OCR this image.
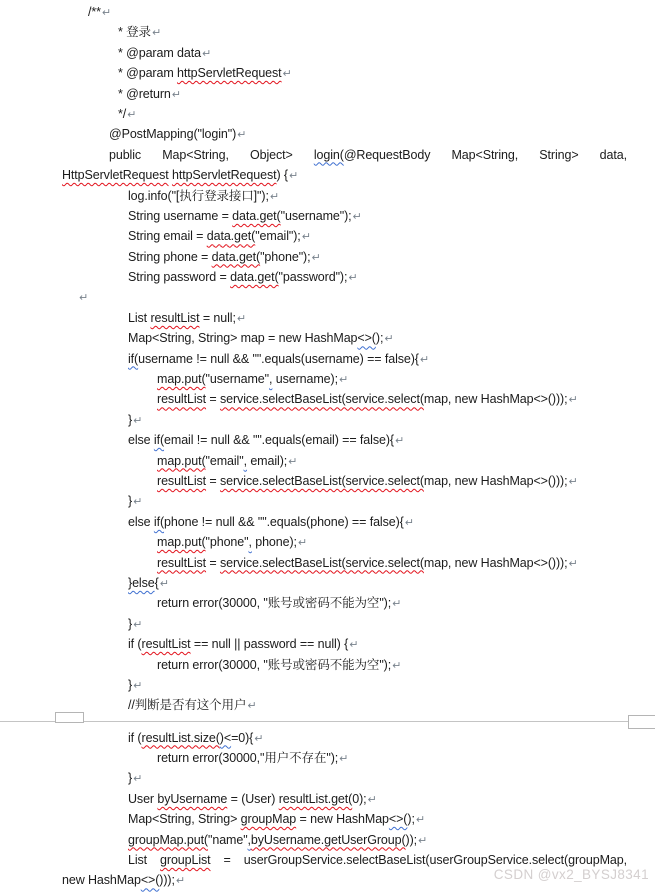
/**↵
* 登录↵
* @param data↵
* @param httpServletRequest↵
* @return↵
*/↵
@PostMapping("login")↵
public Map<String, Object> login(@RequestBody Map<String, String> data,
HttpServletRequest httpServletRequest) {↵
log.info("[执行登录接口]");↵
String username = data.get("username");↵
String email = data.get("email");↵
String phone = data.get("phone");↵
String password = data.get("password");↵
↵
List resultList = null;↵
Map<String, String> map = new HashMap<>();↵
if(username != null && "".equals(username) == false){↵
map.put("username", username);↵
resultList = service.selectBaseList(service.select(map, new HashMap<>()));↵
}↵
else if(email != null && "".equals(email) == false){↵
map.put("email", email);↵
resultList = service.selectBaseList(service.select(map, new HashMap<>()));↵
}↵
else if(phone != null && "".equals(phone) == false){↵
map.put("phone", phone);↵
resultList = service.selectBaseList(service.select(map, new HashMap<>()));↵
}else{↵
return error(30000, "账号或密码不能为空");↵
}↵
if (resultList == null || password == null) {↵
return error(30000, "账号或密码不能为空");↵
}↵
//判断是否有这个用户↵
if (resultList.size()<=0){↵
return error(30000,"用户不存在");↵
}↵
User byUsername = (User) resultList.get(0);↵
Map<String, String> groupMap = new HashMap<>();↵
groupMap.put("name",byUsername.getUserGroup());↵
List groupList = userGroupService.selectBaseList(userGroupService.select(groupMap,
new HashMap<>()));↵	CSDN @vx2_BYSJ8341
